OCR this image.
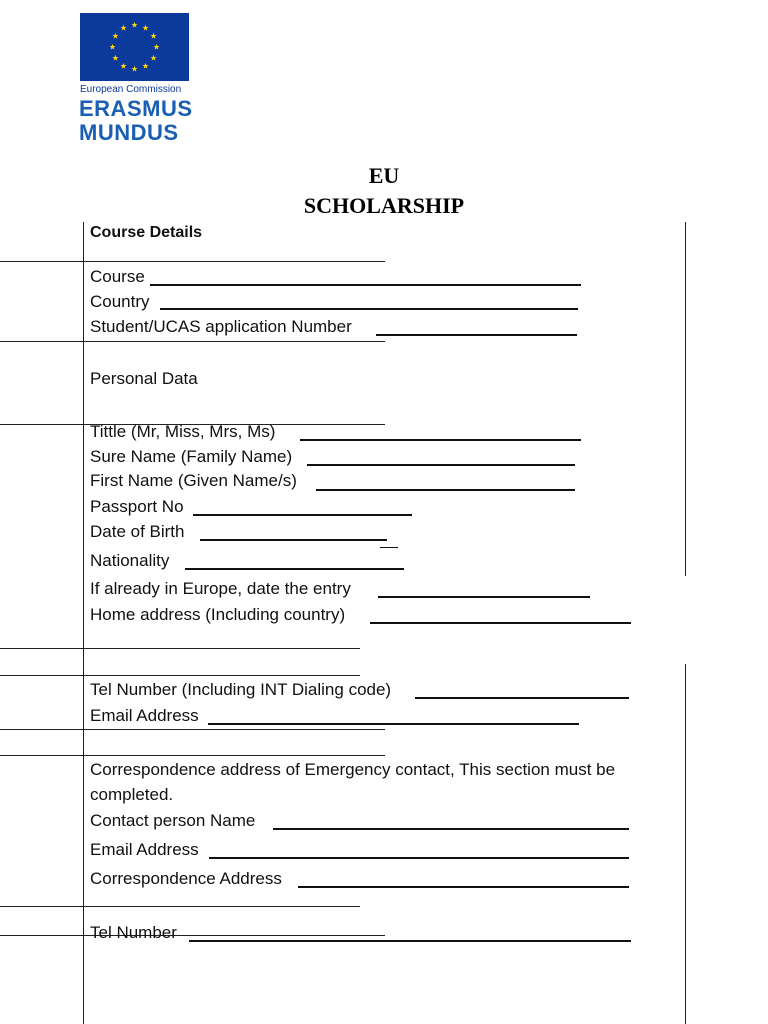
European Commission
ERASMUS
MUNDUS
EU
SCHOLARSHIP
Course Details
Course
Country
Student/UCAS application Number
Personal Data
Tittle (Mr, Miss, Mrs, Ms)
Sure Name (Family Name)
First Name (Given Name/s)
Passport No
Date of Birth
Nationality
If already in Europe, date the entry
Home address (Including country)
Tel Number (Including INT Dialing code)
Email Address
Correspondence address of Emergency contact, This section must be
completed.
Contact person Name
Email Address
Correspondence Address
Tel Number
